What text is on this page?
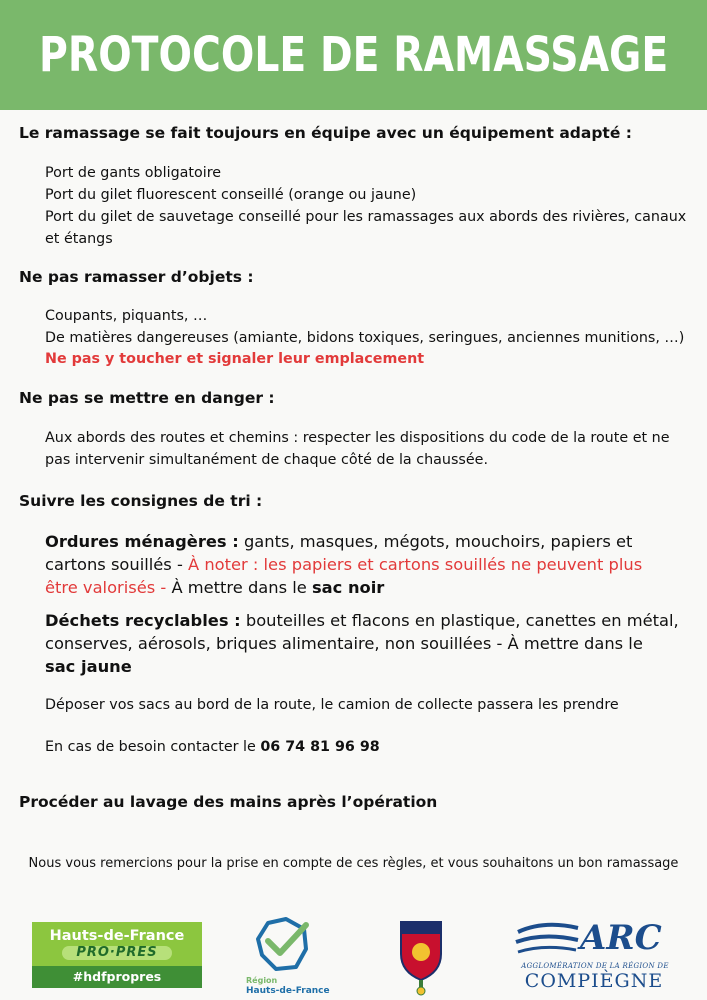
PROTOCOLE DE RAMASSAGE
Le ramassage se fait toujours en équipe avec un équipement adapté :
Port de gants obligatoire
Port du gilet fluorescent conseillé (orange ou jaune)
Port du gilet de sauvetage conseillé pour les ramassages aux abords des rivières, canaux
et étangs
Ne pas ramasser d’objets :
Coupants, piquants, …
De matières dangereuses (amiante, bidons toxiques, seringues, anciennes munitions, …)
Ne pas y toucher et signaler leur emplacement
Ne pas se mettre en danger :
Aux abords des routes et chemins : respecter les dispositions du code de la route et ne
pas intervenir simultanément de chaque côté de la chaussée.
Suivre les consignes de tri :
Ordures ménagères : gants, masques, mégots, mouchoirs, papiers et
cartons souillés - À noter : les papiers et cartons souillés ne peuvent plus
être valorisés - À mettre dans le sac noir
Déchets recyclables : bouteilles et flacons en plastique, canettes en métal,
conserves, aérosols, briques alimentaire, non souillées - À mettre dans le
sac jaune
Déposer vos sacs au bord de la route, le camion de collecte passera les prendre
En cas de besoin contacter le 06 74 81 96 98
Procéder au lavage des mains après l’opération
Nous vous remercions pour la prise en compte de ces règles, et vous souhaitons un bon ramassage
Hauts-de-France
PRO·PRES
#hdfpropres	Région
Hauts-de-France
ARC
AGGLOMÉRATION DE LA RÉGION DE
COMPIÈGNE
